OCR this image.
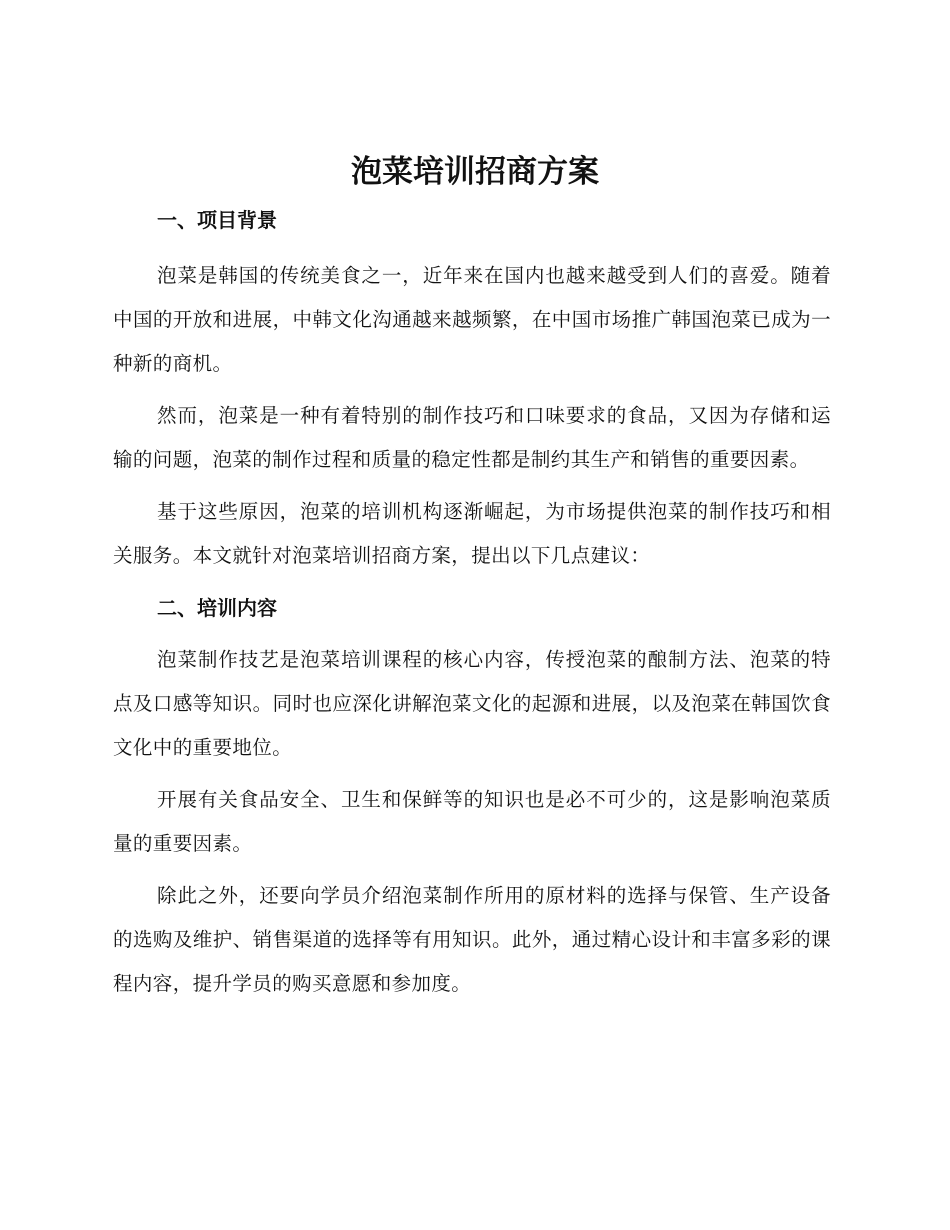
泡菜培训招商方案
一、项目背景

泡菜是韩国的传统美食之一，近年来在国内也越来越受到人们的喜爱。随着中国的开放和进展，中韩文化沟通越来越频繁，在中国市场推广韩国泡菜已成为一种新的商机。

然而，泡菜是一种有着特别的制作技巧和口味要求的食品，又因为存储和运输的问题，泡菜的制作过程和质量的稳定性都是制约其生产和销售的重要因素。

基于这些原因，泡菜的培训机构逐渐崛起，为市场提供泡菜的制作技巧和相关服务。本文就针对泡菜培训招商方案，提出以下几点建议：

二、培训内容

泡菜制作技艺是泡菜培训课程的核心内容，传授泡菜的酿制方法、泡菜的特点及口感等知识。同时也应深化讲解泡菜文化的起源和进展，以及泡菜在韩国饮食文化中的重要地位。

开展有关食品安全、卫生和保鲜等的知识也是必不可少的，这是影响泡菜质量的重要因素。

除此之外，还要向学员介绍泡菜制作所用的原材料的选择与保管、生产设备的选购及维护、销售渠道的选择等有用知识。此外，通过精心设计和丰富多彩的课程内容，提升学员的购买意愿和参加度。
